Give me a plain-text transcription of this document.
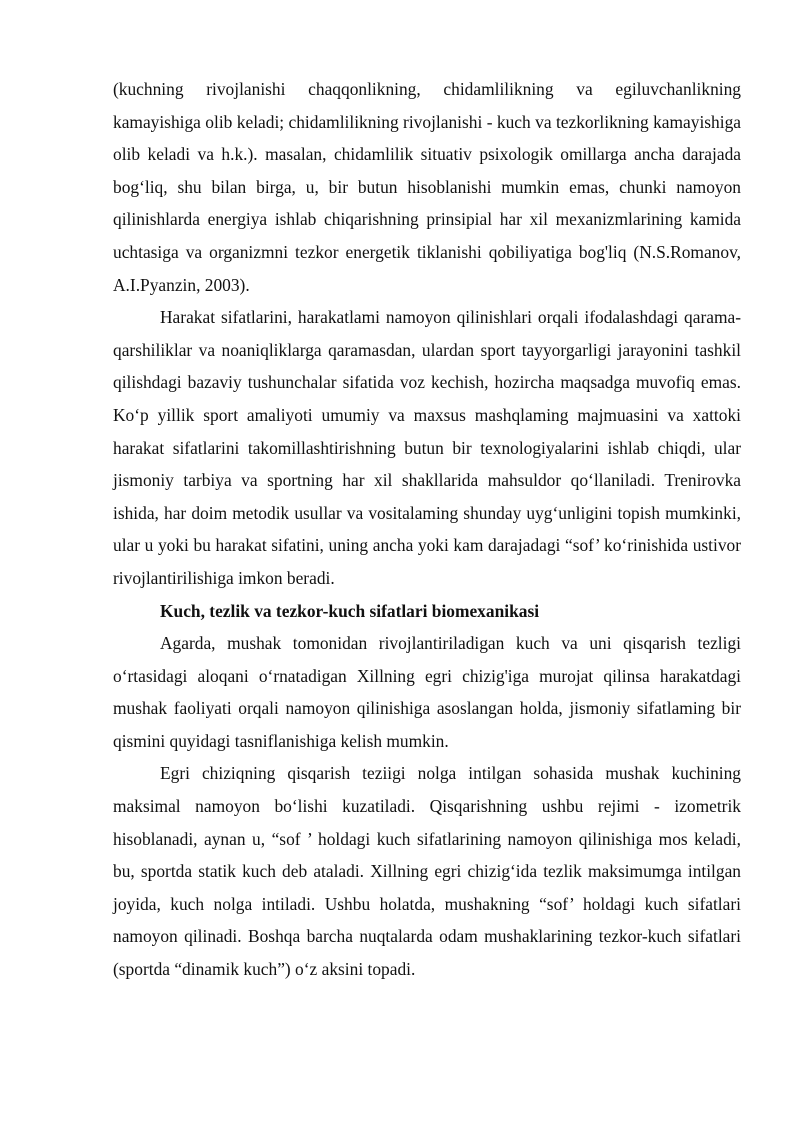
(kuchning rivojlanishi chaqqonlikning, chidamlilikning va egiluvchanlikning kamayishiga olib keladi; chidamlilikning rivojlanishi - kuch va tezkorlikning kamayishiga olib keladi va h.k.). masalan, chidamlilik situativ psixologik omillarga ancha darajada bog‘liq, shu bilan birga, u, bir butun hisoblanishi mumkin emas, chunki namoyon qilinishlarda energiya ishlab chiqarishning prinsipial har xil mexanizmlarining kamida uchtasiga va organizmni tezkor energetik tiklanishi qobiliyatiga bog'liq (N.S.Romanov, A.I.Pyanzin, 2003).

Harakat sifatlarini, harakatlami namoyon qilinishlari orqali ifodalashdagi qarama-qarshiliklar va noaniqliklarga qaramasdan, ulardan sport tayyorgarligi jarayonini tashkil qilishdagi bazaviy tushunchalar sifatida voz kechish, hozircha maqsadga muvofiq emas. Ko‘p yillik sport amaliyoti umumiy va maxsus mashqlaming majmuasini va xattoki harakat sifatlarini takomillashtirishning butun bir texnologiyalarini ishlab chiqdi, ular jismoniy tarbiya va sportning har xil shakllarida mahsuldor qo‘llaniladi. Trenirovka ishida, har doim metodik usullar va vositalaming shunday uyg‘unligini topish mumkinki, ular u yoki bu harakat sifatini, uning ancha yoki kam darajadagi “sof’ ko‘rinishida ustivor rivojlantirilishiga imkon beradi.

Kuch, tezlik va tezkor-kuch sifatlari biomexanikasi

Agarda, mushak tomonidan rivojlantiriladigan kuch va uni qisqarish tezligi o‘rtasidagi aloqani o‘rnatadigan Xillning egri chizig'iga murojat qilinsa harakatdagi mushak faoliyati orqali namoyon qilinishiga asoslangan holda, jismoniy sifatlaming bir qismini quyidagi tasniflanishiga kelish mumkin.

Egri chiziqning qisqarish teziigi nolga intilgan sohasida mushak kuchining maksimal namoyon bo‘lishi kuzatiladi. Qisqarishning ushbu rejimi - izometrik hisoblanadi, aynan u, “sof ’ holdagi kuch sifatlarining namoyon qilinishiga mos keladi, bu, sportda statik kuch deb ataladi. Xillning egri chizig‘ida tezlik maksimumga intilgan joyida, kuch nolga intiladi. Ushbu holatda, mushakning “sof’ holdagi kuch sifatlari namoyon qilinadi. Boshqa barcha nuqtalarda odam mushaklarining tezkor-kuch sifatlari (sportda “dinamik kuch”) o‘z aksini topadi.
